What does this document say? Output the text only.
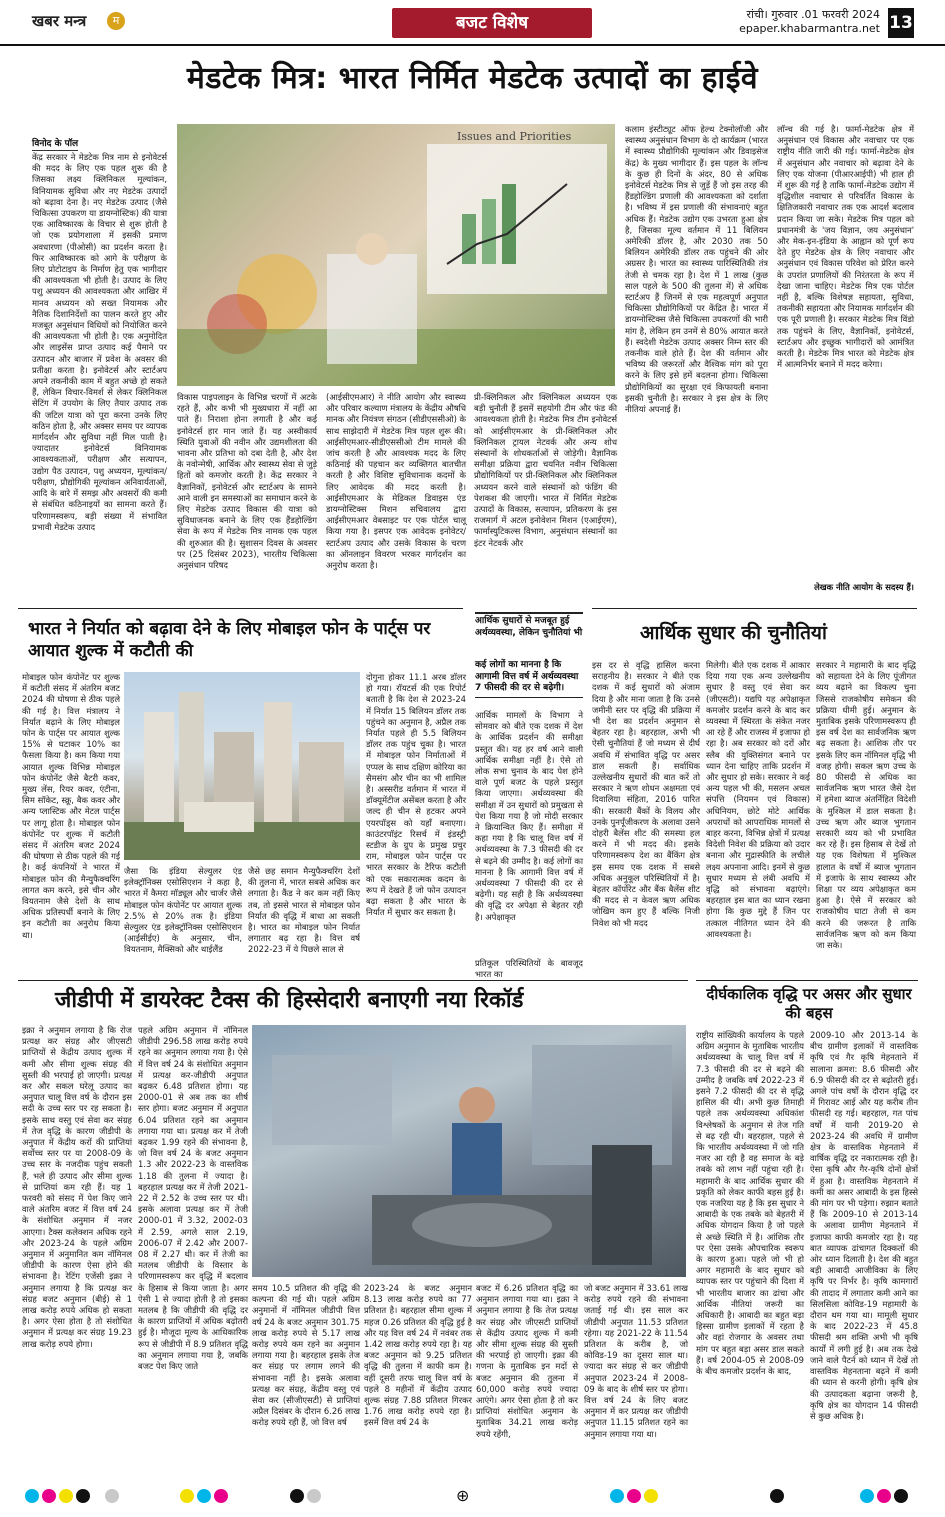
खबर मन्त्र	म	बजट विशेष	रांची। गुरुवार .01 फरवरी 2024
epaper.khabarmantra.net 13
मेडटेक मित्र: भारत निर्मित मेडटेक उत्पादों का हाईवे
विनोद के पॉल
केंद्र सरकार ने मेडटेक मित्र नाम से इनोवेटर्स की मदद के लिए एक पहल शुरू की है जिसका लक्ष्य क्लिनिकल मूल्यांकन, विनियामक सुविधा और नए मेडटेक उत्पादों को बढ़ावा देना है। नए मेडटेक उत्पाद (जैसे चिकित्सा उपकरण या डायग्नोस्टिक) की यात्रा एक आविष्कारक के विचार से शुरू होती है जो एक प्रयोगशाला में इसकी प्रमाण अवधारणा (पीओसी) का प्रदर्शन करता है। फिर आविष्कारक को आगे के परीक्षण के लिए प्रोटोटाइप के निर्माण हेतु एक भागीदार की आवश्यकता भी होती है। उत्पाद के लिए पशु अध्ययन की आवश्यकता और आखिर में मानव अध्ययन को सख्त नियामक और नैतिक दिशानिर्देशों का पालन करते हुए और मजबूत अनुसंधान विधियों को नियोजित करने की आवश्यकता भी होती है। एक अनुमोदित और लाइसेंस प्राप्त उत्पाद कई पैमाने पर उत्पादन और बाजार में प्रवेश के अवसर की प्रतीक्षा करता है। इनोवेटर्स और स्टार्टअप अपने तकनीकी काम में बहुत अच्छे हो सकते हैं, लेकिन विचार-विमर्श से लेकर क्लिनिकल सेटिंग में उपयोग के लिए तैयार उत्पाद तक की जटिल यात्रा को पूरा करना उनके लिए कठिन होता है, और अक्सर समय पर व्यापक मार्गदर्शन और सुविधा नहीं मिल पाती है। ज्यादातर इनोवेटर्स विनियामक आवश्यकताओं, परीक्षण और सत्यापन, उद्योग पैठ उत्पादन, पशु अध्ययन, मूल्यांकन/परीक्षण, प्रौद्योगिकी मूल्यांकन अनिवार्यताओं, आदि के बारे में समझ और अवसरों की कमी से संबंधित कठिनाइयों का सामना करते हैं। परिणामस्वरूप, बड़ी संख्या में संभावित प्रभावी मेडटेक उत्पाद
Issues and Priorities
विकास पाइपलाइन के विभिन्न चरणों में अटके रहते हैं, और कभी भी मुख्यधारा में नहीं आ पाते हैं। निराशा होना लगाती है और कई इनोवेटर्स हार मान जाते हैं। यह अस्वीकार्य स्थिति युवाओं की नवीन और उद्यमशीलता की भावना और प्रतिभा को दबा देती है, और देश के नवोन्मेषी, आर्थिक और स्वास्थ्य सेवा से जुड़े हितों को कमजोर करती है। केंद्र सरकार ने वैज्ञानिकों, इनोवेटर्स और स्टार्टअप के सामने आने वाली इन समस्याओं का समाधान करने के लिए मेडटेक उत्पाद विकास की यात्रा को सुविधाजनक बनाने के लिए एक हैंडहोल्डिंग सेवा के रूप में मेडटेक मित्र नामक एक पहल की शुरुआत की है। सुशासन दिवस के अवसर पर (25 दिसंबर 2023), भारतीय चिकित्सा अनुसंधान परिषद
(आईसीएमआर) ने नीति आयोग और स्वास्थ्य और परिवार कल्याण मंत्रालय के केंद्रीय औषधि मानक और नियंत्रण संगठन (सीडीएससीओ) के साथ साझेदारी में मेडटेक मित्र पहल शुरू की। आईसीएमआर-सीडीएससीओ टीम मामले की जांच करती है और आवश्यक मदद के लिए कठिनाई की पहचान कर व्यक्तिगत बातचीत करती है और विशिष्ट सुविधानाक कदमों के लिए आवेदक की मदद करती है। आईसीएमआर के मेडिकल डिवाइस एंड डायग्नोस्टिक्स मिशन सचिवालय द्वारा आईसीएमआर वेबसाइट पर एक पोर्टल चालू किया गया है। इसपर एक आवेदक इनोवेटर/स्टार्टअप उत्पाद और उसके विकास के चरण का ऑनलाइन विवरण भरकर मार्गदर्शन का अनुरोध करता है।
प्री-क्लिनिकल और क्लिनिकल अध्ययन एक बड़ी चुनौती हैं इसमें सहयोगी टीम और फंड की आवश्यकता होती है। मेडटेक मित्र टीम इनोवेटर्स को आईसीएमआर के प्री-क्लिनिकल और क्लिनिकल ट्रायल नेटवर्क और अन्य शोध संस्थानों के शोधकर्ताओं से जोड़ेगी। वैज्ञानिक समीक्षा प्रक्रिया द्वारा चयनित नवीन चिकित्सा प्रौद्योगिकियों पर प्री-क्लिनिकल और क्लिनिकल अध्ययन करने वाले संस्थानों को फंडिंग की पेशकश की जाएगी। भारत में निर्मित मेडटेक उत्पादों के विकास, सत्यापन, प्रतिकरण के इस राजमार्ग में अटल इनोवेशन मिशन (एआईएम), फार्मास्युटिकल्स विभाग, अनुसंधान संस्थानों का इंटर नेटवर्क और
कलाम इंस्टीट्यूट ऑफ हेल्थ टेक्नोलॉजी और स्वास्थ्य अनुसंधान विभाग के दो कार्यक्रम (भारत में स्वास्थ्य प्रौद्योगिकी मूल्यांकन और डिवाइसेज केंद्र) के मुख्य भागीदार हैं। इस पहल के लॉन्च के कुछ ही दिनों के अंदर, 80 से अधिक इनोवेटर्स मेडटेक मित्र से जुड़ें हैं जो इस तरह की हैंडहोल्डिंग प्रणाली की आवश्यकता को दर्शाता है। भविष्य में इस प्रणाली की संभावनाएं बहुत अधिक हैं। मेडटेक उद्योग एक उभरता हुआ क्षेत्र है, जिसका मूल्य वर्तमान में 11 बिलियन अमेरिकी डॉलर है, और 2030 तक 50 बिलियन अमेरिकी डॉलर तक पहुंचने की ओर अग्रसर है। भारत का स्वास्थ्य पारिस्थितिकी तंत्र तेजी से चमक रहा है। देश में 1 लाख (कुछ साल पहले के 500 की तुलना में) से अधिक स्टार्टअप हैं जिनमें से एक महत्वपूर्ण अनुपात चिकित्सा प्रौद्योगिकियों पर केंद्रित है। भारत में डायग्नोस्टिक्स जैसे चिकित्सा उपकरणों की भारी मांग है, लेकिन हम उनमें से 80% आयात करते हैं। स्वदेशी मेडटेक उत्पाद अक्सर निम्न स्तर की तकनीक वाले होते हैं। देश की वर्तमान और भविष्य की जरूरतों और वैश्विक मांग को पूरा करने के लिए इसे हमें बदलना होगा। चिकित्सा प्रौद्योगिकियों का सुरक्षा एवं किफायती बनाना इसकी चुनौती है। सरकार ने इस क्षेत्र के लिए नीतियां अपनाई हैं।
लॉन्च की गई है। फार्मा-मेडटेक क्षेत्र में अनुसंधान एवं विकास और नवाचार पर एक राष्ट्रीय नीति जारी की गई। फार्मा-मेडटेक क्षेत्र में अनुसंधान और नवाचार को बढ़ावा देने के लिए एक योजना (पीआरआईपी) भी हाल ही में शुरू की गई है ताकि फार्मा-मेडटेक उद्योग में वृद्धिशील नवाचार से परिवर्तित विकास के क्षितिजकारी नवाचार तक एक आदर्श बदलाव प्रदान किया जा सके। मेडटेक मित्र पहल को प्रधानमंत्री के 'जय विज्ञान, जय अनुसंधान' और मेक-इन-इंडिया के आह्वान को पूर्ण रूप देते हुए मेडटेक क्षेत्र के लिए नवाचार और अनुसंधान एवं विकास परिवेश को प्रेरित करने के उपरांत प्रणालियों की निरंतरता के रूप में देखा जाना चाहिए। मेडटेक मित्र एक पोर्टल नहीं है, बल्कि विशेषज्ञ सहायता, सुविधा, तकनीकी सहायता और नियामक मार्गदर्शन की एक पूरी प्रणाली है। सरकार मेडटेक मित्र विंडो तक पहुंचने के लिए, वैज्ञानिकों, इनोवेटर्स, स्टार्टअप और इच्छुक भागीदारों को आमंत्रित करती है। मेडटेक मित्र भारत को मेडटेक क्षेत्र में आत्मनिर्भर बनाने में मदद करेगा।
लेखक नीति आयोग के सदस्य हैं।
भारत ने निर्यात को बढ़ावा देने के लिए मोबाइल फोन के पार्ट्स पर आयात शुल्क में कटौती की
मोबाइल फोन कंपोनेंट पर शुल्क में कटौती संसद में अंतरिम बजट 2024 की घोषणा से ठीक पहले की गई है। वित्त मंत्रालय ने निर्यात बढ़ाने के लिए मोबाइल फोन के पार्ट्स पर आयात शुल्क 15% से घटाकर 10% का फैसला किया है। कम किया गया आयात शुल्क विभिन्न मोबाइल फोन कंपोनेंट जैसे बैटरी कवर, मुख्य लेंस, रियर कवर, एंटीना, सिम सॉकेट, स्क्रू, बैक कवर और अन्य प्लास्टिक और मेटल पार्ट्स पर लागू होता है। मोबाइल फोन कंपोनेंट पर शुल्क में कटौती संसद में अंतरिम बजट 2024 की घोषणा से ठीक पहले की गई है। कई कंपनियों ने भारत में मोबाइल फोन की मैन्युफैक्चरिंग लागत कम करने, इसे चीन और वियतनाम जैसे देशों के साथ अधिक प्रतिस्पर्धी बनाने के लिए इन कटौती का अनुरोध किया था।
जैसा कि इंडिया सेल्युलर एंड इलेक्ट्रॉनिक्स एसोसिएशन ने कहा है, भारत में कैमरा मॉड्यूल और चार्जर जैसे मोबाइल फोन कंपोनेंट पर आयात शुल्क 2.5% से 20% तक है। इंडिया सेल्युलर एंड इलेक्ट्रॉनिक्स एसोसिएशन (आईसीईए) के अनुसार, चीन, वियतनाम, मैक्सिको और थाईलैंड
जैसे छह समान मैन्युफैक्चरिंग देशों की तुलना में, भारत सबसे अधिक कर लगाता है। कैंड ने कर कम नहीं किए तब, तो इससे भारत से मोबाइल फोन निर्यात की वृद्धि में बाधा आ सकती है। भारत का मोबाइल फोन निर्यात लगातार बढ़ रहा है। वित्त वर्ष 2022-23 में ये पिछले साल से
दोगुना होकर 11.1 अरब डॉलर हो गया। रॉयटर्स की एक रिपोर्ट बताती है कि देश से 2023-24 में निर्यात 15 बिलियन डॉलर तक पहुंचने का अनुमान है, अप्रैल तक निर्यात पहले ही 5.5 बिलियन डॉलर तक पहुंच चुका है। भारत में मोबाइल फोन निर्माताओं में एप्पल के साथ दक्षिण कोरिया का सैमसंग और चीन का भी शामिल है। अस्सरीड वर्तमान में भारत में डॉक्यूमेंटीज असेंबल करता है और जल्द ही चीन से हटकर अपने एयरपॉड्स को यहाँ बनाएगा। काउंटरपॉइंट रिसर्च में इंडस्ट्री स्टडीज के ग्रुप के प्रमुख प्रचुर राम, मोबाइल फोन पार्ट्स पर भारत सरकार के टैरिफ कटौती को एक सकारात्मक कदम के रूप में देखते हैं जो फोन उत्पादन बढ़ा सकता है और भारत के निर्यात में सुधार कर सकता है।
आर्थिक सुधारों से मजबूत हुई अर्थव्यवस्था, लेकिन चुनौतियां भी
कई लोगों का मानना है कि आगामी वित्त वर्ष में अर्थव्यवस्था 7 फीसदी की दर से बढ़ेगी।
आर्थिक मामलों के विभाग ने सोमवार को बीते एक दशक में देश के आर्थिक प्रदर्शन की समीक्षा प्रस्तुत की। यह हर वर्ष आने वाली आर्थिक समीक्षा नहीं है। ऐसे तो लोक सभा चुनाव के बाद पेश होने वाले पूर्ण बजट के पहले प्रस्तुत किया जाएगा। अर्थव्यवस्था की समीक्षा में उन सुधारों को प्रमुखता से पेश किया गया है जो मोदी सरकार ने क्रियान्वित किए हैं। समीक्षा में कहा गया है कि चालू वित्त वर्ष में अर्थव्यवस्था के 7.3 फीसदी की दर से बढ़ने की उम्मीद है। कई लोगों का मानना है कि आगामी वित्त वर्ष में अर्थव्यवस्था 7 फीसदी की दर से बढ़ेगी। यह सही है कि अर्थव्यवस्था की वृद्धि दर अपेक्षा से बेहतर रही है। अपेक्षाकृत
प्रतिकूल परिस्थितियों के बावजूद भारत का
आर्थिक सुधार की चुनौतियां
इस दर से वृद्धि हासिल करना सराहनीय है। सरकार ने बीते एक दशक में कई सुधारों को अंजाम दिया है और माना जाता है कि उनसे जमीनी स्तर पर वृद्धि की प्रक्रिया में भी देश का प्रदर्शन अनुमान से बेहतर रहा है। बहरहाल, अभी भी ऐसी चुनौतियां हैं जो मध्यम से दीर्घ अवधि में संभावित वृद्धि पर असर डाल सकती हैं। सर्वाधिक उल्लेखनीय सुधारों की बात करें तो सरकार ने ऋण शोधन अक्षमता एवं दिवालिया संहिता, 2016 पारित की। सरकारी बैंकों के विलय और उनके पुनर्पूंजीकरण के अलावा उसने दोहरी बैलेंस शीट की समस्या हल करने में भी मदद की। इसके परिणामस्वरूप देश का बैंकिंग क्षेत्र इस समय एक दशक में सबसे अधिक अनुकूल परिस्थितियों में है। बेहतर कॉर्पोरेट और बैंक बैलेंस शीट की मदद से न केवल ऋण अधिक जोखिम कम हुए हैं बल्कि निजी निवेश को भी मदद
मिलेगी। बीते एक दशक में आकार दिया गया एक अन्य उल्लेखनीय सुधार है वस्तु एवं सेवा कर (जीएसटी)। यद्यपि यह अपेक्षाकृत कमजोर प्रदर्शन करने के बाद कर व्यवस्था में स्थिरता के संकेत नजर आ रहे हैं और राजस्व में इजाफा हो रहा है। अब सरकार को दरों और स्लैब की युक्तिसंगत बनाने पर ध्यान देना चाहिए ताकि प्रदर्शन में और सुधार हो सके। सरकार ने कई अन्य पहल भी की, मसलन अचल संपत्ति (नियमन एवं विकास) अधिनियम, छोटे मोटे आर्थिक अपराधों को आपराधिक मामलों से बाहर करना, विभिन्न क्षेत्रों में प्रत्यक्ष विदेशी निवेश की प्रक्रिया को उदार बनाना और मुद्रास्फीति के लचीले लक्ष्य अपनाना आदि। इनमें से कुछ सुधार मध्यम से लंबी अवधि में वृद्धि को संभावना बढ़ाएंगे। बहरहाल इस बात का ध्यान रखना होगा कि कुछ मुद्दे हैं जिन पर तत्काल नीतिगत ध्यान देने की आवश्यकता है।
सरकार ने महामारी के बाद वृद्धि को सहायता देने के लिए पूंजीगत व्यय बढ़ाने का विकल्प चुना जिससे राजकोषीय समेकन की प्रक्रिया धीमी हुई। अनुमान के मुताबिक इसके परिणामस्वरूप ही इस वर्ष देश का सार्वजनिक ऋण बढ़ सकता है। आशिक तौर पर इसके लिए कम नॉमिनल वृद्धि भी वजह होगी। सकल ऋण उच्च के 80 फीसदी से अधिक का सार्वजनिक ऋण भारत जैसे देश में हमेशा ब्याज अंतर्निहित विदेशी के मुश्किल में डाल सकता है। उच्च ऋण और ब्याज भुगतान सरकारी व्यय को भी प्रभावित कर रहे हैं। इस हिसाब से देखें तो यह एक विशेषता में मुश्किल हालात के वर्षों में ब्याज भुगतान में इजाफे के साथ स्वास्थ्य और शिक्षा पर व्यय अपेक्षाकृत कम हुआ है। ऐसे में सरकार को राजकोषीय घाटा तेजी से कम करने की जरूरत है ताकि सार्वजनिक ऋण को कम किया जा सके।
जीडीपी में डायरेक्ट टैक्स की हिस्सेदारी बनाएगी नया रिकॉर्ड
इक्रा ने अनुमान लगाया है कि रोज प्रत्यक्ष कर संग्रह और जीएसटी प्राप्तियों से केंद्रीय उत्पाद शुल्क में कमी और सीमा शुल्क संग्रह की सुस्ती की भरपाई हो जाएगी। प्रत्यक्ष कर और सकल घरेलू उत्पाद का अनुपात चालू वित्त वर्ष के दौरान इस सदी के उच्च स्तर पर रह सकता है। इसके साथ वस्तु एवं सेवा कर संग्रह में तेज वृद्धि के कारण जीडीपी के अनुपात में केंद्रीय करों की प्राप्तियां सर्वोच्च स्तर पर या 2008-09 के उच्च स्तर के नजदीक पहुंच सकती हैं, भले ही उत्पाद और सीमा शुल्क से प्राप्तियां कम रही हैं। यह 1 फरवरी को संसद में पेश किए जाने वाले अंतरिम बजट में वित्त वर्ष 24 के संशोधित अनुमान में नजर आएगा। टैक्स कलेक्शन अधिक रहने और 2023-24 के पहले अग्रिम अनुमान में अनुमानित कम नॉमिनल जीडीपी के कारण ऐसा होने की संभावना है। रेटिंग एजेंसी इक्रा ने अनुमान लगाया है कि प्रत्यक्ष कर संग्रह बजट अनुमान (बीई) से 1 लाख करोड़ रुपये अधिक हो सकता है। अगर ऐसा होता है तो संशोधित अनुमान में प्रत्यक्ष कर संग्रह 19.23 लाख करोड़ रुपये होगा।
पहले अग्रिम अनुमान में नॉमिनल जीडीपी 296.58 लाख करोड़ रुपये रहने का अनुमान लगाया गया है। ऐसे में वित्त वर्ष 24 के संशोधित अनुमान में प्रत्यक्ष कर-जीडीपी अनुपात बढ़कर 6.48 प्रतिशत होगा। यह 2000-01 से अब तक का शीर्ष स्तर होगा। बजट अनुमान में अनुपात 6.04 प्रतिशत रहने का अनुमान लगाया गया था। प्रत्यक्ष कर में तेजी बढ़कर 1.99 रहने की संभावना है, जो वित्त वर्ष 24 के बजट अनुमान 1.3 और 2022-23 के वास्तविक 1.18 की तुलना में ज्यादा है। बहरहाल प्रत्यक्ष कर में तेजी 2021-22 में 2.52 के उच्च स्तर पर थी। इसके अलावा प्रत्यक्ष कर में तेजी 2000-01 में 3.32, 2002-03 में 2.59, अगले साल 2.19, 2006-07 में 2.42 और 2007-08 में 2.27 थी। कर में तेजी का मतलब जीडीपी के विस्तार के परिणामस्वरूप कर वृद्धि में बदलाव के हिसाब से किया जाता है। अगर ऐसी 1 से ज्यादा होती है तो इसका मतलब है कि जीडीपी की वृद्धि दर के कारण प्राप्तियों में अधिक बढ़ोतरी हुई है। मौजूदा मूल्य के आधिकारिक रूप से जीडीपी में 8.9 प्रतिशत वृद्धि का अनुमान लगाया गया है, जबकि बजट पेश किए जाते
समय 10.5 प्रतिशत की वृद्धि की कल्पना की गई थी। पहले अग्रिम अनुमानों में नॉमिनल जीडीपी वित्त वर्ष 24 के बजट अनुमान 301.75 लाख करोड़ रुपये से 5.17 लाख करोड़ रुपये कम रहने का अनुमान लगाया गया है। बहरहाल इसके तेज कर संग्रह पर लगाम लगने की संभावना नहीं है। इसके अलावा प्रत्यक्ष कर संग्रह, केंद्रीय वस्तु एवं सेवा कर (सीजीएसटी) से प्राप्तियां अप्रैल दिसंबर के दौरान 6.26 लाख करोड़ रुपये रही हैं, जो वित्त वर्ष
2023-24 के बजट अनुमान 8.13 लाख करोड़ रुपये का 77 प्रतिशत है। बहरहाल सीमा शुल्क में महज 0.26 प्रतिशत की वृद्धि हुई है और यह वित्त वर्ष 24 में नवंबर तक 1.42 लाख करोड़ रुपये रहा है। यह बजट अनुमान को 9.25 प्रतिशत वृद्धि की तुलना में काफी कम है। वहीं दूसरी तरफ चालू वित्त वर्ष के पहले 8 महीनों में केंद्रीय उत्पाद शुल्क संग्रह 7.88 प्रतिशत गिरकर 1.76 लाख करोड़ रुपये रहा है। इसमें वित्त वर्ष 24 के
बजट में 6.26 प्रतिशत वृद्धि का अनुमान लगाया गया था। इक्रा ने अनुमान लगाया है कि तेज प्रत्यक्ष कर संग्रह और जीएसटी प्राप्तियों से केंद्रीय उत्पाद शुल्क में कमी और सीमा शुल्क संग्रह की सुस्ती की भरपाई हो जाएगी। इक्रा की गणना के मुताबिक इन मदों से बजट अनुमान की तुलना में 60,000 करोड़ रुपये ज्यादा आएंगे। अगर ऐसा होता है तो कर प्राप्तियां संशोधित अनुमान के मुताबिक 34.21 लाख करोड़ रुपये रहेंगी,
जो बजट अनुमान में 33.61 लाख करोड़ रुपये रहने की संभावना जताई गई थी। इस साल कर जीडीपी अनुपात 11.53 प्रतिशत रहेगा। यह 2021-22 के 11.54 प्रतिशत के करीब है, जो कोविड-19 का दूसरा साल था। ज्यादा कर संग्रह से कर जीडीपी अनुपात 2023-24 में 2008-09 के बाद के शीर्ष स्तर पर होगा। वित्त वर्ष 24 के लिए बजट अनुमान में कर प्रत्यक्ष कर जीडीपी अनुपात 11.15 प्रतिशत रहने का अनुमान लगाया गया था।
दीर्घकालिक वृद्धि पर असर और सुधार की बहस
राष्ट्रीय सांख्यिकी कार्यालय के पहले अग्रिम अनुमान के मुताबिक भारतीय अर्थव्यवस्था के चालू वित्त वर्ष में 7.3 फीसदी की दर से बढ़ने की उम्मीद है जबकि वर्ष 2022-23 में इसने 7.2 फीसदी की दर से वृद्धि हासिल की थी। अभी कुछ तिमाही पहले तक अर्थव्यवस्था अधिकांश विश्लेषकों के अनुमान से तेज गति से बढ़ रही थी। बहरहाल, पहले से कि भारतीय अर्थव्यवस्था में जो गति नजर आ रही है वह समाज के बड़े तबके को लाभ नहीं पहुंचा रही है। महामारी के बाद आर्थिक सुधार की प्रकृति को लेकर काफी बहस हुई है। एक नजरिया यह है कि इस सुधार ने आबादी के एक तबके को बेहतरी में अधिक योगदान किया है जो पहले से अच्छे स्थिति में है। आंशिक तौर पर ऐसा उसके औपचारिक स्वरूप के कारण हुआ। पहले जो भी हो अगर महामारी के बाद सुधार को व्यापक स्तर पर पहुंचाने की दिशा में भी भारतीय बाजार का ढांचा और आर्थिक नीतियां जरूरी का अधिकारी है। आबादी का बहुत बड़ा हिस्सा ग्रामीण इलाकों में रहता है और वहां रोजगार के अवसर तथा मांग पर बहुत बड़ा असर डाल सकते हैं। वर्ष 2004-05 से 2008-09 के बीच कमजोर प्रदर्शन के बाद,
2009-10 और 2013-14 के बीच ग्रामीण इलाकों में वास्तविक कृषि एवं गैर कृषि मेहनताने में सालाना क्रमश: 8.6 फीसदी और 6.9 फीसदी की दर से बढ़ोतरी हुई। अगले पांच वर्षों के दौरान वृद्धि दर में गिरावट आई और यह करीब तीन फीसदी रह गई। बहरहाल, गत पांच वर्षों में यानी 2019-20 से 2023-24 की अवधि में ग्रामीण क्षेत्र के वास्तविक मेहनताने में वार्षिक वृद्धि दर नकारात्मक रही है। ऐसा कृषि और गैर-कृषि दोनों क्षेत्रों में हुआ है। वास्तविक मेहनताने में कमी का असर आबादी के इस हिस्से की मांग पर भी पड़ेगा। रुझान बताते हैं कि 2009-10 से 2013-14 के अलावा ग्रामीण मेहनताने में इजाफा काफी कमजोर रहा है। यह बात व्यापक ढांचागत दिक्कतों की ओर ध्यान दिलाती है। देश की बहुत बड़ी आबादी आजीविका के लिए कृषि पर निर्भर है। कृषि कामगारों की तादाद में लगातार कमी आने का सिलसिला कोविड-19 महामारी के दौरान थम गया था। मामूली सुधार के बाद 2022-23 में 45.8 फीसदी श्रम शक्ति अभी भी कृषि कार्यों में लगी हुई है। अब तक देखे जाने वाले पैटर्न को ध्यान में देखें तो वास्तविक मेहनताना बढ़ने में कमी की ध्यान से करनी होगी। कृषि क्षेत्र की उत्पादकता बढ़ाना जरूरी है, कृषि क्षेत्र का योगदान 14 फीसदी से कुछ अधिक है।
⊕
